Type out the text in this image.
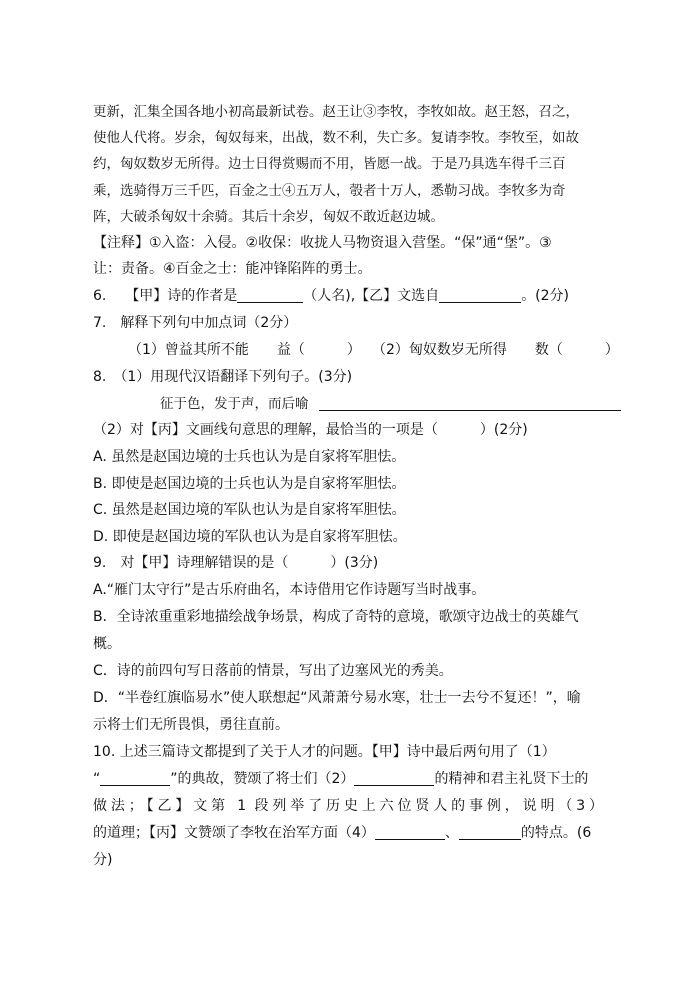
更新，汇集全国各地小初高最新试卷。赵王让③李牧，李牧如故。赵王怒，召之，
使他人代将。岁余，匈奴每来，出战，数不利，失亡多。复请李牧。李牧至，如故
约，匈奴数岁无所得。边士日得赏赐而不用，皆愿一战。于是乃具选车得千三百
乘，选骑得万三千匹，百金之士④五万人，彀者十万人，悉勒习战。李牧多为奇
阵，大破杀匈奴十余骑。其后十余岁，匈奴不敢近赵边城。
【注释】①入盗：入侵。②收保：收拢人马物资退入营堡。“保”通“堡”。③
让：责备。④百金之士：能冲锋陷阵的勇士。
6. 【甲】诗的作者是	（人名),【乙】文选自	。(2分)
7.　解释下列句中加点词（2分）
（1）曾益其所不能　　益（　　　） （2）匈奴数岁无所得　　数（　　　）
8.　（1）用现代汉语翻译下列句子。(3分)
征于色，发于声，而后喻
（2）对【丙】文画线句意思的理解，最恰当的一项是（　　　）(2分)
A. 虽然是赵国边境的士兵也认为是自家将军胆怯。
B. 即使是赵国边境的士兵也认为是自家将军胆怯。
C. 虽然是赵国边境的军队也认为是自家将军胆怯。
D. 即使是赵国边境的军队也认为是自家将军胆怯。
9.　对【甲】诗理解错误的是（　　　）(3分)
A.“雁门太守行”是古乐府曲名，本诗借用它作诗题写当时战事。
B．全诗浓重重彩地描绘战争场景，构成了奇特的意境，歌颂守边战士的英雄气
概。
C．诗的前四句写日落前的情景，写出了边塞风光的秀美。
D．“半卷红旗临易水”使人联想起“风萧萧兮易水寒，壮士一去兮不复还！”，喻
示将士们无所畏惧，勇往直前。
10. 上述三篇诗文都提到了关于人才的问题。【甲】诗中最后两句用了（1）
“	”的典故，赞颂了将士们（2）	的精神和君主礼贤下士的
做法；【乙】文第 1 段列举了历史上六位贤人的事例，说明（3）
的道理；【丙】文赞颂了李牧在治军方面（4）	、	的特点。(6
分)
